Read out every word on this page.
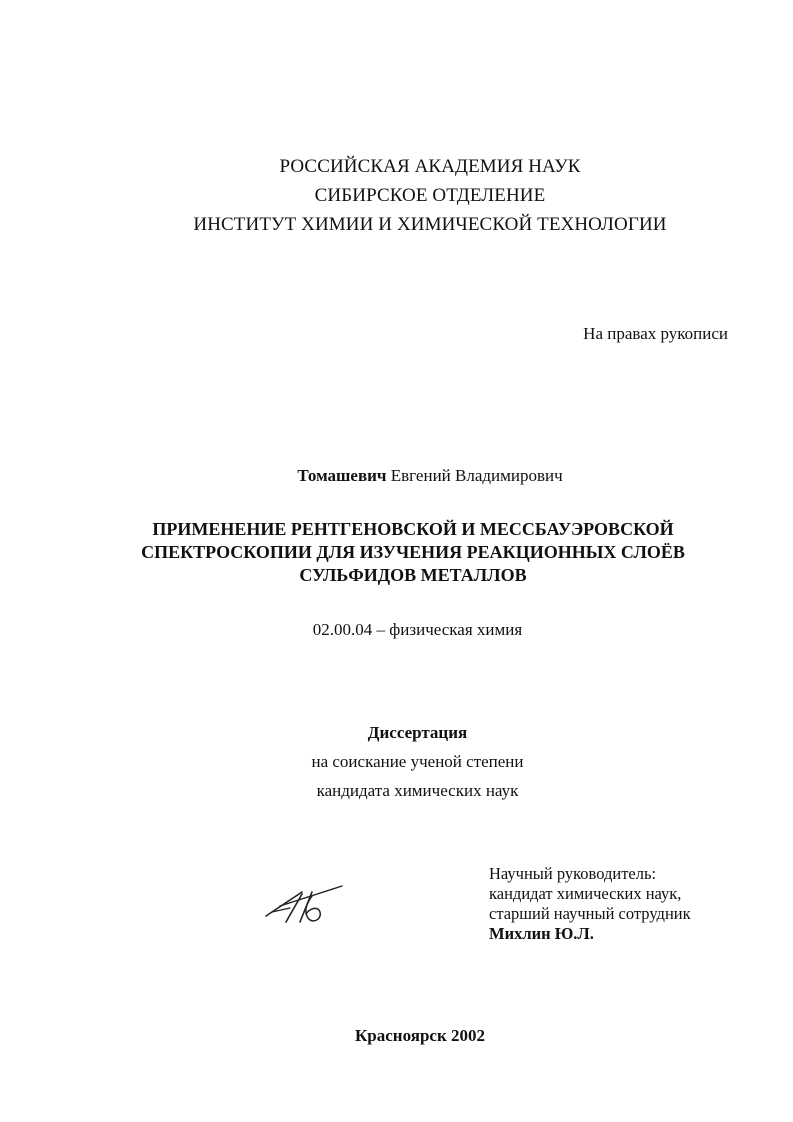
РОССИЙСКАЯ АКАДЕМИЯ НАУК
СИБИРСКОЕ ОТДЕЛЕНИЕ
ИНСТИТУТ ХИМИИ И ХИМИЧЕСКОЙ ТЕХНОЛОГИИ
На правах рукописи
Томашевич Евгений Владимирович
ПРИМЕНЕНИЕ РЕНТГЕНОВСКОЙ И МЕССБАУЭРОВСКОЙ
СПЕКТРОСКОПИИ ДЛЯ ИЗУЧЕНИЯ РЕАКЦИОННЫХ СЛОЁВ
СУЛЬФИДОВ МЕТАЛЛОВ
02.00.04 – физическая химия
Диссертация
на соискание ученой степени
кандидата химических наук
Научный руководитель:
кандидат химических наук,
старший научный сотрудник
Михлин Ю.Л.
Красноярск 2002
